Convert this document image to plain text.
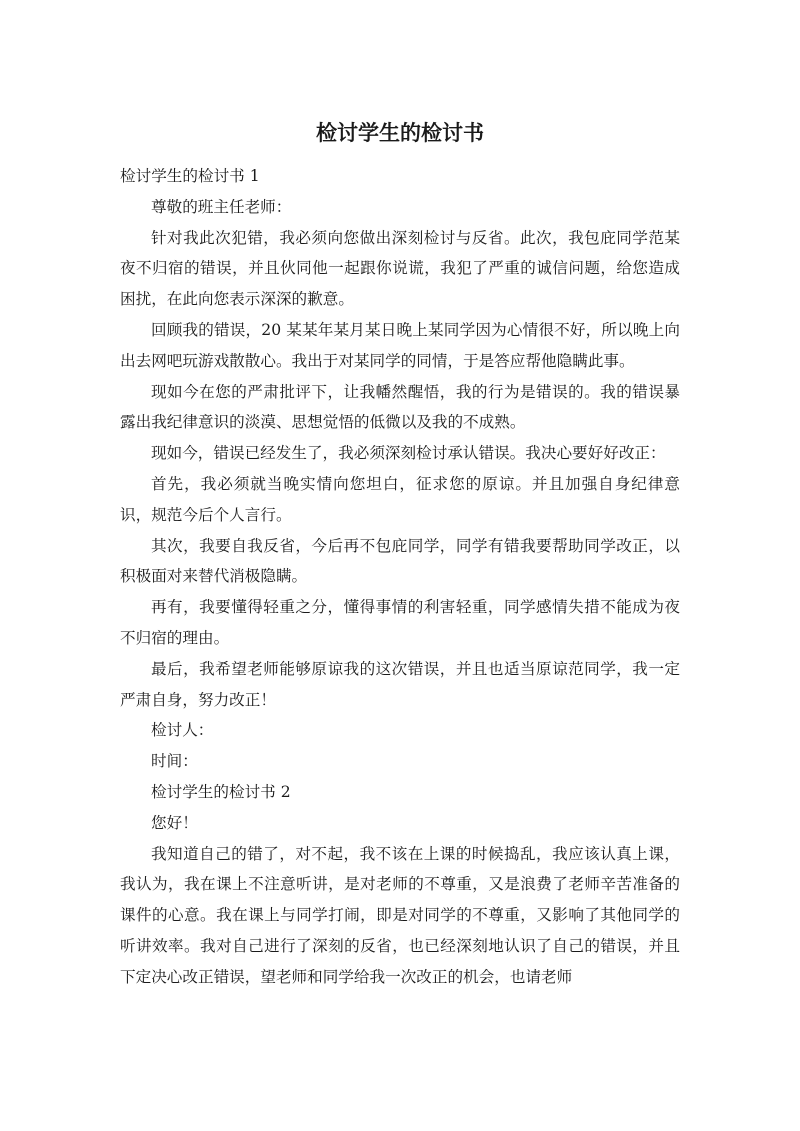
检讨学生的检讨书

检讨学生的检讨书 1

尊敬的班主任老师：

针对我此次犯错，我必须向您做出深刻检讨与反省。此次，我包庇同学范某夜不归宿的错误，并且伙同他一起跟你说谎，我犯了严重的诚信问题，给您造成困扰，在此向您表示深深的歉意。

回顾我的错误，20 某某年某月某日晚上某同学因为心情很不好，所以晚上向出去网吧玩游戏散散心。我出于对某同学的同情，于是答应帮他隐瞒此事。

现如今在您的严肃批评下，让我幡然醒悟，我的行为是错误的。我的错误暴露出我纪律意识的淡漠、思想觉悟的低微以及我的不成熟。

现如今，错误已经发生了，我必须深刻检讨承认错误。我决心要好好改正：

首先，我必须就当晚实情向您坦白，征求您的原谅。并且加强自身纪律意识，规范今后个人言行。

其次，我要自我反省，今后再不包庇同学，同学有错我要帮助同学改正，以积极面对来替代消极隐瞒。

再有，我要懂得轻重之分，懂得事情的利害轻重，同学感情失措不能成为夜不归宿的理由。

最后，我希望老师能够原谅我的这次错误，并且也适当原谅范同学，我一定严肃自身，努力改正！

检讨人：

时间：

检讨学生的检讨书 2

您好！

我知道自己的错了，对不起，我不该在上课的时候捣乱，我应该认真上课，我认为，我在课上不注意听讲，是对老师的不尊重，又是浪费了老师辛苦准备的课件的心意。我在课上与同学打闹，即是对同学的不尊重，又影响了其他同学的听讲效率。我对自己进行了深刻的反省，也已经深刻地认识了自己的错误，并且下定决心改正错误，望老师和同学给我一次改正的机会，也请老师
